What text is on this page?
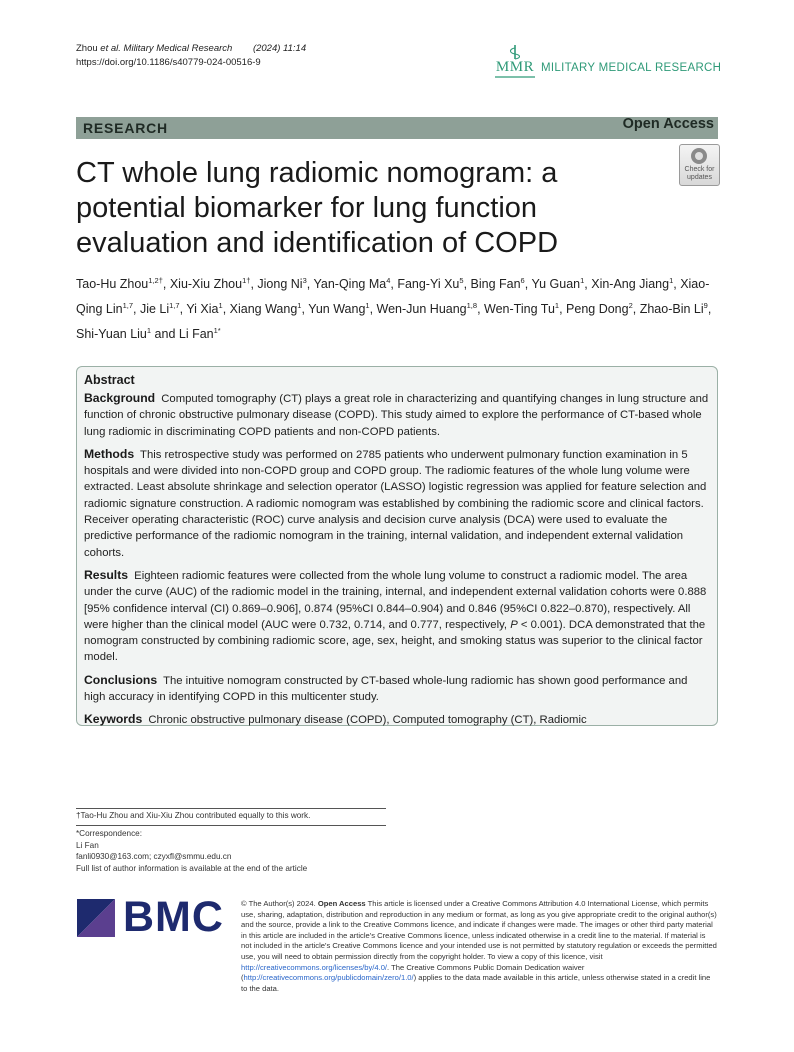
Zhou et al. Military Medical Research (2024) 11:14
https://doi.org/10.1186/s40779-024-00516-9	MMR MILITARY MEDICAL RESEARCH
RESEARCH	Open Access
Check for
updates
CT whole lung radiomic nomogram: a potential biomarker for lung function evaluation and identification of COPD
Tao-Hu Zhou$^{1,2\dagger}$, Xiu-Xiu Zhou$^{1\dagger}$, Jiong Ni$^3$, Yan-Qing Ma$^4$, Fang-Yi Xu$^5$, Bing Fan$^6$, Yu Guan$^1$, Xin-Ang Jiang$^1$, Xiao-Qing Lin$^{1,7}$, Jie Li$^{1,7}$, Yi Xia$^1$, Xiang Wang$^1$, Yun Wang$^1$, Wen-Jun Huang$^{1,8}$, Wen-Ting Tu$^1$, Peng Dong$^2$, Zhao-Bin Li$^9$, Shi-Yuan Liu$^1$ and Li Fan$^{1*}$
Abstract

Background Computed tomography (CT) plays a great role in characterizing and quantifying changes in lung structure and function of chronic obstructive pulmonary disease (COPD). This study aimed to explore the performance of CT-based whole lung radiomic in discriminating COPD patients and non-COPD patients.

Methods This retrospective study was performed on 2785 patients who underwent pulmonary function examination in 5 hospitals and were divided into non-COPD group and COPD group. The radiomic features of the whole lung volume were extracted. Least absolute shrinkage and selection operator (LASSO) logistic regression was applied for feature selection and radiomic signature construction. A radiomic nomogram was established by combining the radiomic score and clinical factors. Receiver operating characteristic (ROC) curve analysis and decision curve analysis (DCA) were used to evaluate the predictive performance of the radiomic nomogram in the training, internal validation, and independent external validation cohorts.

Results Eighteen radiomic features were collected from the whole lung volume to construct a radiomic model. The area under the curve (AUC) of the radiomic model in the training, internal, and independent external validation cohorts were 0.888 [95% confidence interval (CI) 0.869–0.906], 0.874 (95%CI 0.844–0.904) and 0.846 (95%CI 0.822–0.870), respectively. All were higher than the clinical model (AUC were 0.732, 0.714, and 0.777, respectively, P < 0.001). DCA demonstrated that the nomogram constructed by combining radiomic score, age, sex, height, and smoking status was superior to the clinical factor model.

Conclusions The intuitive nomogram constructed by CT-based whole-lung radiomic has shown good performance and high accuracy in identifying COPD in this multicenter study.

Keywords Chronic obstructive pulmonary disease (COPD), Computed tomography (CT), Radiomic

†Tao-Hu Zhou and Xiu-Xiu Zhou contributed equally to this work.
*Correspondence:
Li Fan
fanli0930@163.com; czyxfl@smmu.edu.cn
Full list of author information is available at the end of the article
BMC © The Author(s) 2024. Open Access This article is licensed under a Creative Commons Attribution 4.0 International License, which permits use, sharing, adaptation, distribution and reproduction in any medium or format, as long as you give appropriate credit to the original author(s) and the source, provide a link to the Creative Commons licence, and indicate if changes were made. The images or other third party material in this article are included in the article's Creative Commons licence, unless indicated otherwise in a credit line to the material. If material is not included in the article's Creative Commons licence and your intended use is not permitted by statutory regulation or exceeds the permitted use, you will need to obtain permission directly from the copyright holder. To view a copy of this licence, visit http://creativecommons.org/licenses/by/4.0/. The Creative Commons Public Domain Dedication waiver (http://creativecommons.org/publicdomain/zero/1.0/) applies to the data made available in this article, unless otherwise stated in a credit line to the data.
